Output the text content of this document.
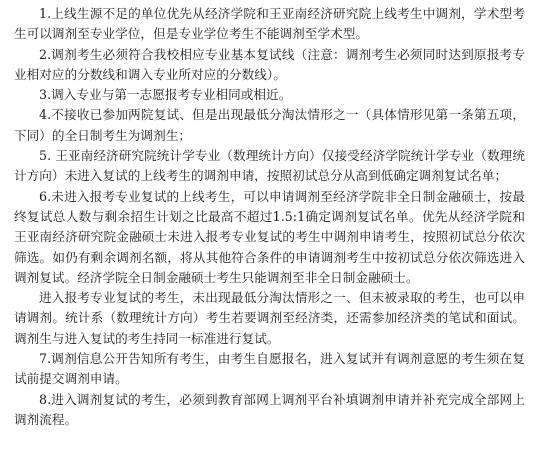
1.上线生源不足的单位优先从经济学院和王亚南经济研究院上线考生中调剂，学术型考生可以调剂至专业学位，但是专业学位考生不能调剂至学术型。

2.调剂考生必须符合我校相应专业基本复试线（注意：调剂考生必须同时达到原报考专业相对应的分数线和调入专业所对应的分数线）。

3.调入专业与第一志愿报考专业相同或相近。

4.不接收已参加两院复试、但是出现最低分淘汰情形之一（具体情形见第一条第五项，下同）的全日制考生为调剂生；

5. 王亚南经济研究院统计学专业（数理统计方向）仅接受经济学院统计学专业（数理统计方向）未进入复试的上线考生的调剂申请，按照初试总分从高到低确定调剂复试名单；

6.未进入报考专业复试的上线考生，可以申请调剂至经济学院非全日制金融硕士，按最终复试总人数与剩余招生计划之比最高不超过1.5:1确定调剂复试名单。优先从经济学院和王亚南经济研究院金融硕士未进入报考专业复试的考生中调剂申请考生，按照初试总分依次筛选。如仍有剩余调剂名额，将从其他符合条件的申请调剂考生中按初试总分依次筛选进入调剂复试。经济学院全日制金融硕士考生只能调剂至非全日制金融硕士。

进入报考专业复试的考生，未出现最低分淘汰情形之一、但未被录取的考生，也可以申请调剂。统计系（数理统计方向）考生若要调剂至经济类，还需参加经济类的笔试和面试。调剂生与进入复试的考生持同一标准进行复试。

7.调剂信息公开告知所有考生，由考生自愿报名，进入复试并有调剂意愿的考生须在复试前提交调剂申请。

8.进入调剂复试的考生，必须到教育部网上调剂平台补填调剂申请并补充完成全部网上调剂流程。
